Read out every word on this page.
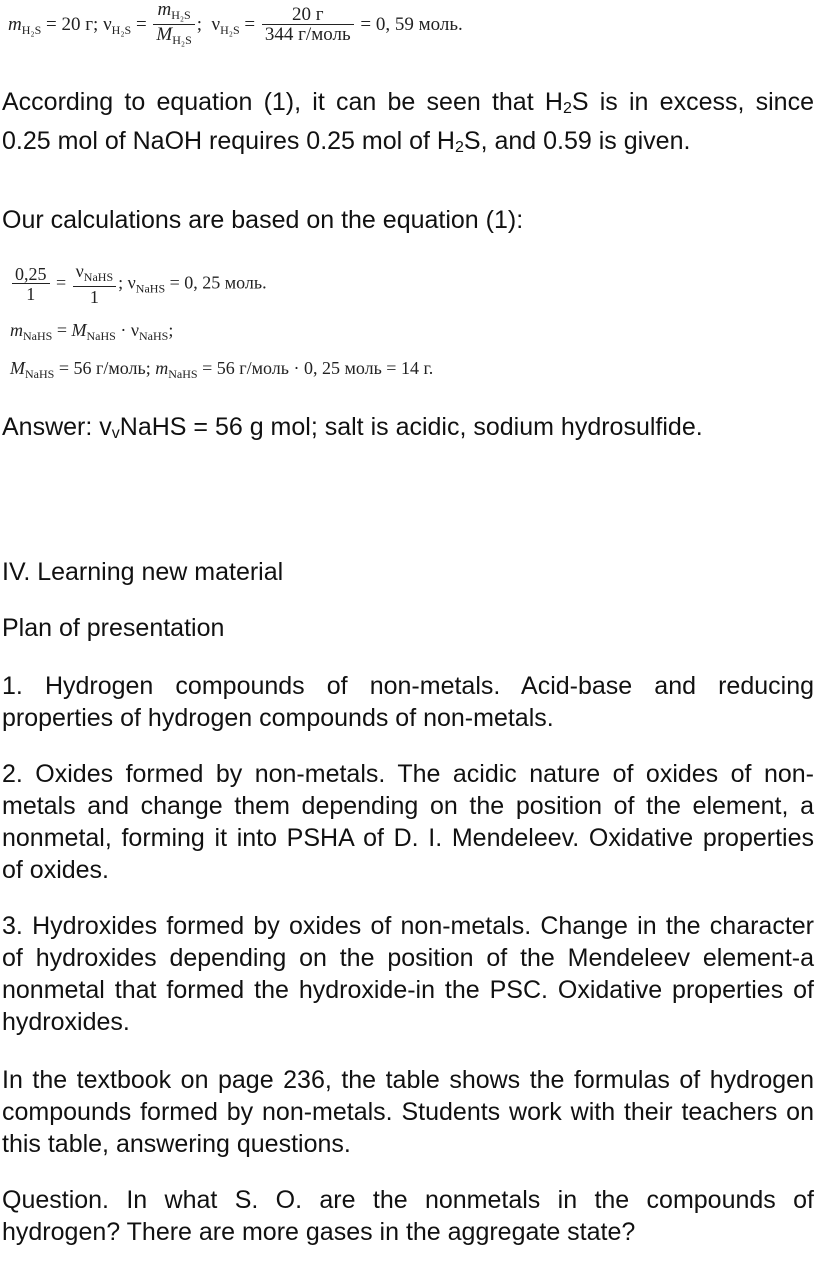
$m_{H_2S} = 20$ г; $\nu_{H_2S} = \frac{m_{H_2S}}{M_{H_2S}}$ ; $\nu_{H_2S} = \frac{20 г}{\text{344 г/моль}} = 0$, 59 моль.

According to equation (1), it can be seen that H2S is in excess, since 0.25 mol of NaOH requires 0.25 mol of H2S, and 0.59 is given.

Our calculations are based on the equation (1):

$\frac{0,25}{1} = \frac{\nu_{NaHS}}{1}$ ; $\nu_{NaHS} = 0$, 25 моль.
$m_{NaHS} = M_{NaHS} \cdot \nu_{NaHS}$;
$M_{NaHS} = 56$ г/моль; $m_{NaHS} = 56$ г/моль · 0, 25 моль = 14 г.

Answer: vvNaHS = 56 g mol; salt is acidic, sodium hydrosulfide.

IV. Learning new material

Plan of presentation

1. Hydrogen compounds of non-metals. Acid-base and reducing properties of hydrogen compounds of non-metals.

2. Oxides formed by non-metals. The acidic nature of oxides of non-metals and change them depending on the position of the element, a nonmetal, forming it into PSHA of D. I. Mendeleev. Oxidative properties of oxides.

3. Hydroxides formed by oxides of non-metals. Change in the character of hydroxides depending on the position of the Mendeleev element-a nonmetal that formed the hydroxide-in the PSC. Oxidative properties of hydroxides.

In the textbook on page 236, the table shows the formulas of hydrogen compounds formed by non-metals. Students work with their teachers on this table, answering questions.

Question. In what S. O. are the nonmetals in the compounds of hydrogen? There are more gases in the aggregate state?
